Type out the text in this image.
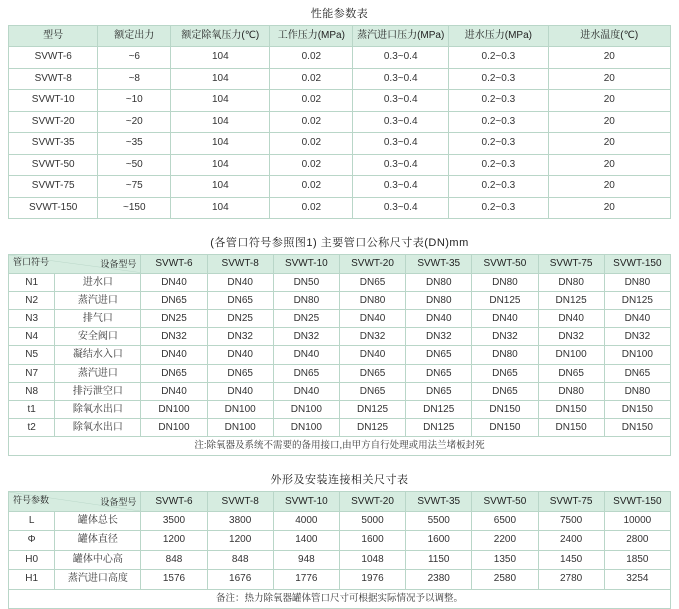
性能参数表
型号	额定出力	额定除氧压力(℃)	工作压力(MPa)	蒸汽进口压力(MPa)	进水压力(MPa)	进水温度(℃)
SVWT-6	~6	104	0.02	0.3~0.4	0.2~0.3	20
SVWT-8	~8	104	0.02	0.3~0.4	0.2~0.3	20
SVWT-10	~10	104	0.02	0.3~0.4	0.2~0.3	20
SVWT-20	~20	104	0.02	0.3~0.4	0.2~0.3	20
SVWT-35	~35	104	0.02	0.3~0.4	0.2~0.3	20
SVWT-50	~50	104	0.02	0.3~0.4	0.2~0.3	20
SVWT-75	~75	104	0.02	0.3~0.4	0.2~0.3	20
SVWT-150	~150	104	0.02	0.3~0.4	0.2~0.3	20
(各管口符号参照图1) 主要管口公称尺寸表(DN)mm
设备型号
管口符号		SVWT-6	SVWT-8	SVWT-10	SVWT-20	SVWT-35	SVWT-50	SVWT-75	SVWT-150
N1	进水口	DN40	DN40	DN50	DN65	DN80	DN80	DN80	DN80
N2	蒸汽进口	DN65	DN65	DN80	DN80	DN80	DN125	DN125	DN125
N3	排气口	DN25	DN25	DN25	DN40	DN40	DN40	DN40	DN40
N4	安全阀口	DN32	DN32	DN32	DN32	DN32	DN32	DN32	DN32
N5	凝结水入口	DN40	DN40	DN40	DN40	DN65	DN80	DN100	DN100
N7	蒸汽进口	DN65	DN65	DN65	DN65	DN65	DN65	DN65	DN65
N8	排污泄空口	DN40	DN40	DN40	DN65	DN65	DN65	DN80	DN80
t1	除氧水出口	DN100	DN100	DN100	DN125	DN125	DN150	DN150	DN150
t2	除氧水出口	DN100	DN100	DN100	DN125	DN125	DN150	DN150	DN150
注:除氧器及系统不需要的备用接口,由甲方自行处理或用法兰堵板封死									
外形及安装连接相关尺寸表
设备型号
符号参数		SVWT-6	SVWT-8	SVWT-10	SVWT-20	SVWT-35	SVWT-50	SVWT-75	SVWT-150
L	罐体总长	3500	3800	4000	5000	5500	6500	7500	10000
Φ	罐体直径	1200	1200	1400	1600	1600	2200	2400	2800
H0	罐体中心高	848	848	948	1048	1150	1350	1450	1850
H1	蒸汽进口高度	1576	1676	1776	1976	2380	2580	2780	3254
备注：热力除氧器罐体管口尺寸可根据实际情况予以调整。									
